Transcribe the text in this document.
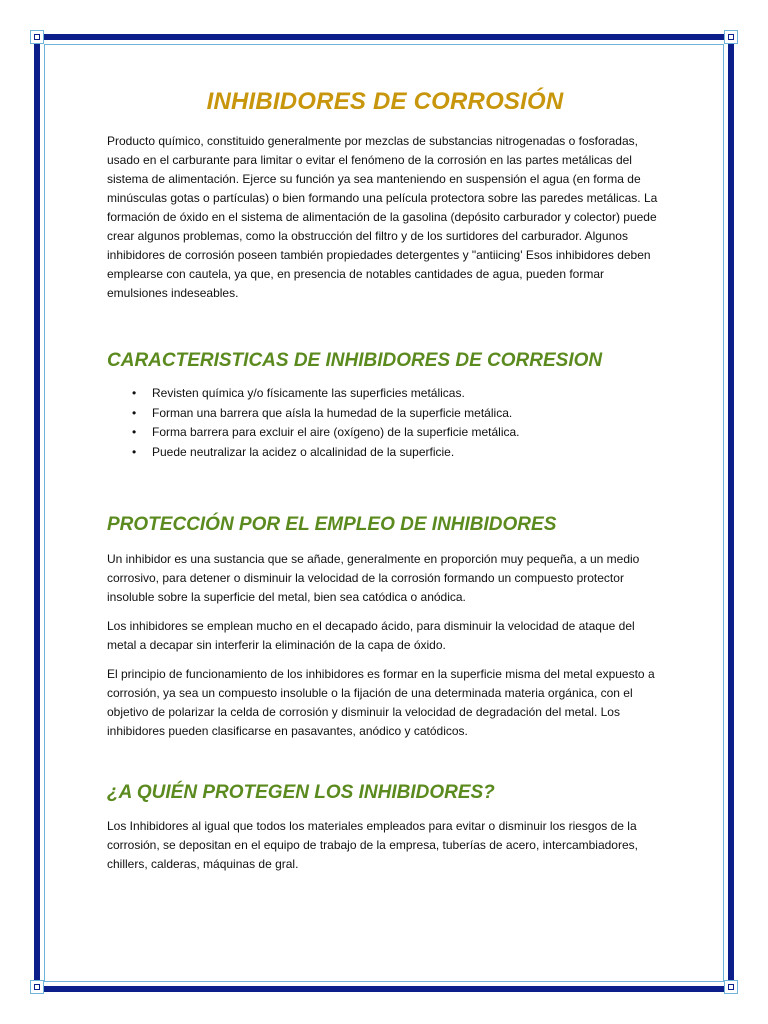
INHIBIDORES DE CORROSIÓN

Producto químico, constituido generalmente por mezclas de substancias nitrogenadas o fosforadas, usado en el carburante para limitar o evitar el fenómeno de la corrosión en las partes metálicas del sistema de alimentación. Ejerce su función ya sea manteniendo en suspensión el agua (en forma de minúsculas gotas o partículas) o bien formando una película protectora sobre las paredes metálicas. La formación de óxido en el sistema de alimentación de la gasolina (depósito carburador y colector) puede crear algunos problemas, como la obstrucción del filtro y de los surtidores del carburador. Algunos inhibidores de corrosión poseen también propiedades detergentes y "antiicing' Esos inhibidores deben emplearse con cautela, ya que, en presencia de notables cantidades de agua, pueden formar emulsiones indeseables.

CARACTERISTICAS DE INHIBIDORES DE CORRESION
• Revisten química y/o físicamente las superficies metálicas.
• Forman una barrera que aísla la humedad de la superficie metálica.
• Forma barrera para excluir el aire (oxígeno) de la superficie metálica.
• Puede neutralizar la acidez o alcalinidad de la superficie.
PROTECCIÓN POR EL EMPLEO DE INHIBIDORES

Un inhibidor es una sustancia que se añade, generalmente en proporción muy pequeña, a un medio corrosivo, para detener o disminuir la velocidad de la corrosión formando un compuesto protector insoluble sobre la superficie del metal, bien sea catódica o anódica.

Los inhibidores se emplean mucho en el decapado ácido, para disminuir la velocidad de ataque del metal a decapar sin interferir la eliminación de la capa de óxido.

El principio de funcionamiento de los inhibidores es formar en la superficie misma del metal expuesto a corrosión, ya sea un compuesto insoluble o la fijación de una determinada materia orgánica, con el objetivo de polarizar la celda de corrosión y disminuir la velocidad de degradación del metal. Los inhibidores pueden clasificarse en pasavantes, anódico y catódicos.

¿A QUIÉN PROTEGEN LOS INHIBIDORES?

Los Inhibidores al igual que todos los materiales empleados para evitar o disminuir los riesgos de la corrosión, se depositan en el equipo de trabajo de la empresa, tuberías de acero, intercambiadores, chillers, calderas, máquinas de gral.
